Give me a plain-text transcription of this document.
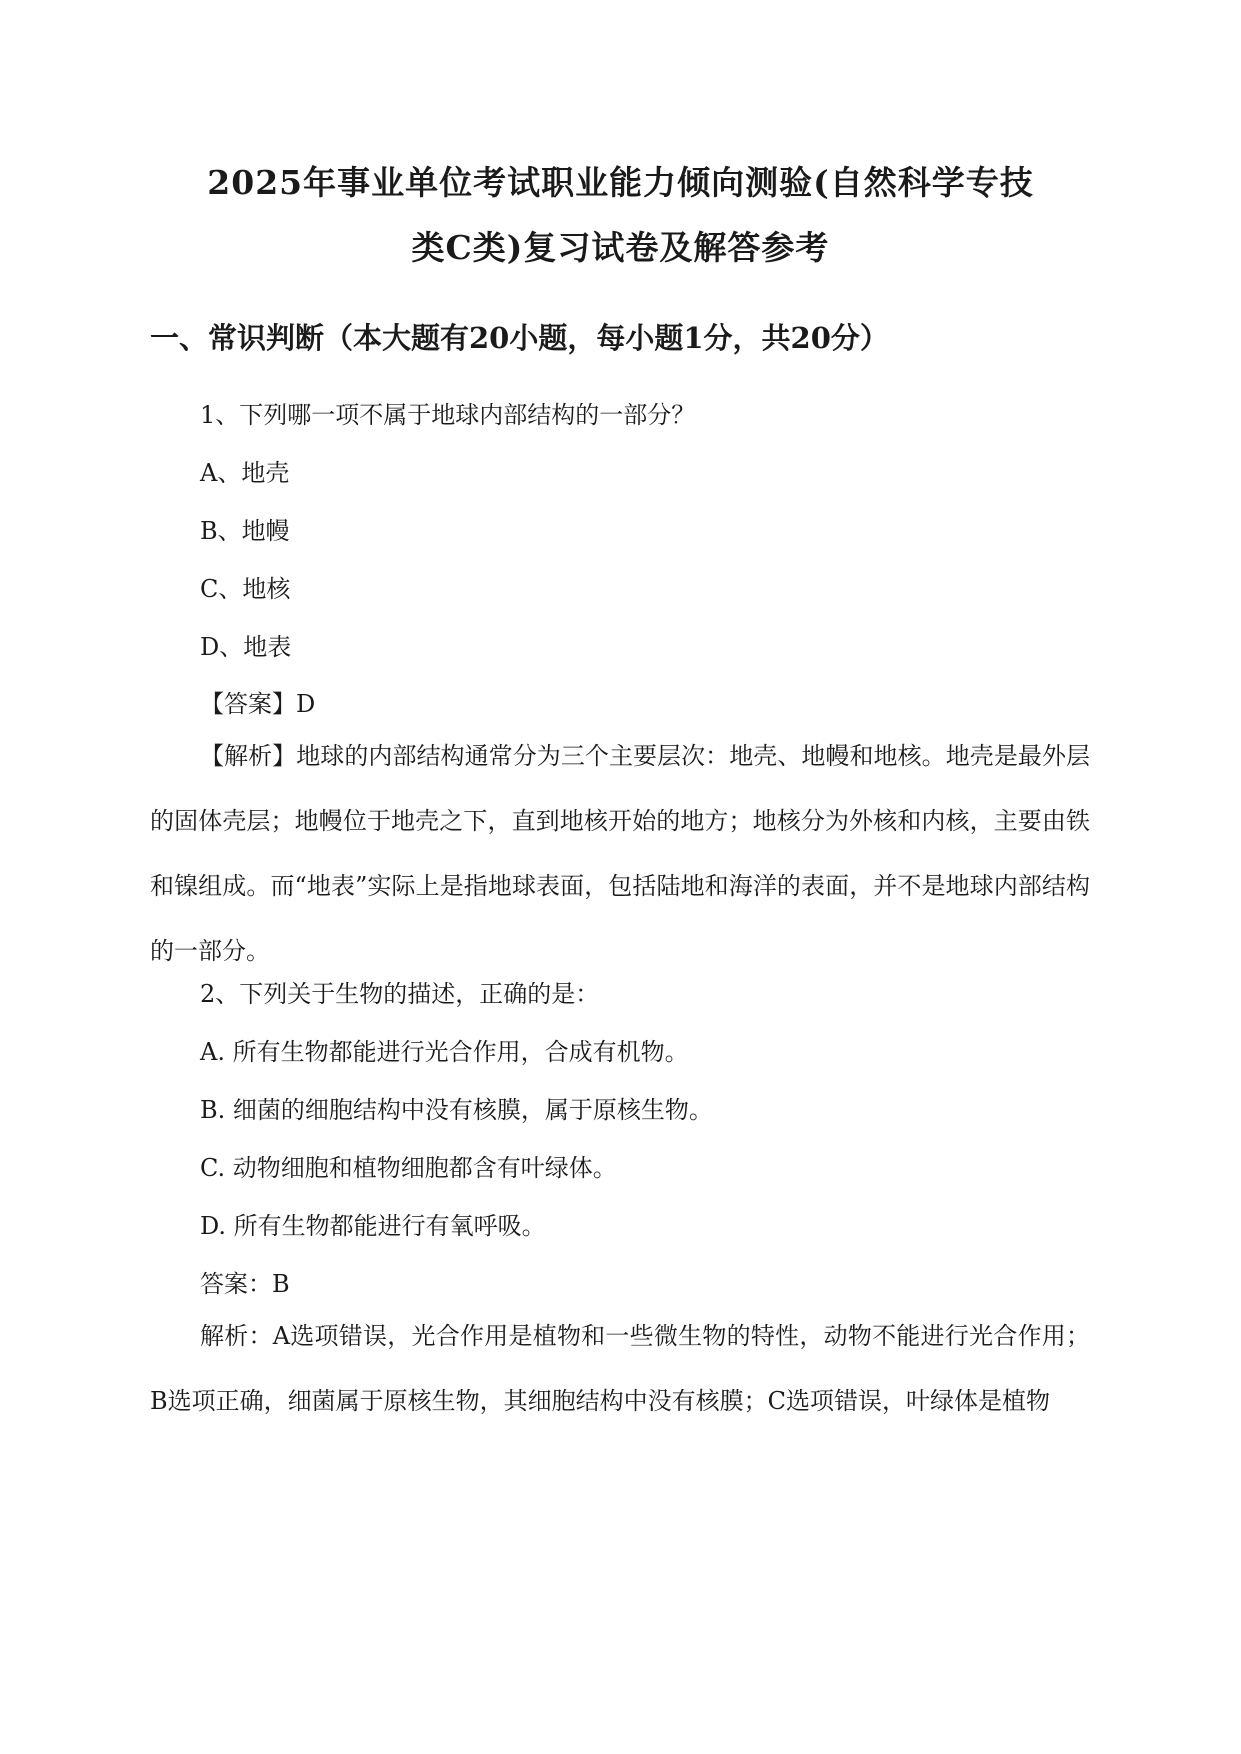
2025年事业单位考试职业能力倾向测验(自然科学专技
类C类)复习试卷及解答参考
一、常识判断（本大题有20小题，每小题1分，共20分）
1、下列哪一项不属于地球内部结构的一部分？
A、地壳
B、地幔
C、地核
D、地表
【答案】D

【解析】地球的内部结构通常分为三个主要层次：地壳、地幔和地核。地壳是最外层的固体壳层；地幔位于地壳之下，直到地核开始的地方；地核分为外核和内核，主要由铁和镍组成。而“地表”实际上是指地球表面，包括陆地和海洋的表面，并不是地球内部结构的一部分。

2、下列关于生物的描述，正确的是：
A. 所有生物都能进行光合作用，合成有机物。
B. 细菌的细胞结构中没有核膜，属于原核生物。
C. 动物细胞和植物细胞都含有叶绿体。
D. 所有生物都能进行有氧呼吸。
答案：B

解析：A选项错误，光合作用是植物和一些微生物的特性，动物不能进行光合作用；B选项正确，细菌属于原核生物，其细胞结构中没有核膜；C选项错误，叶绿体是植物
